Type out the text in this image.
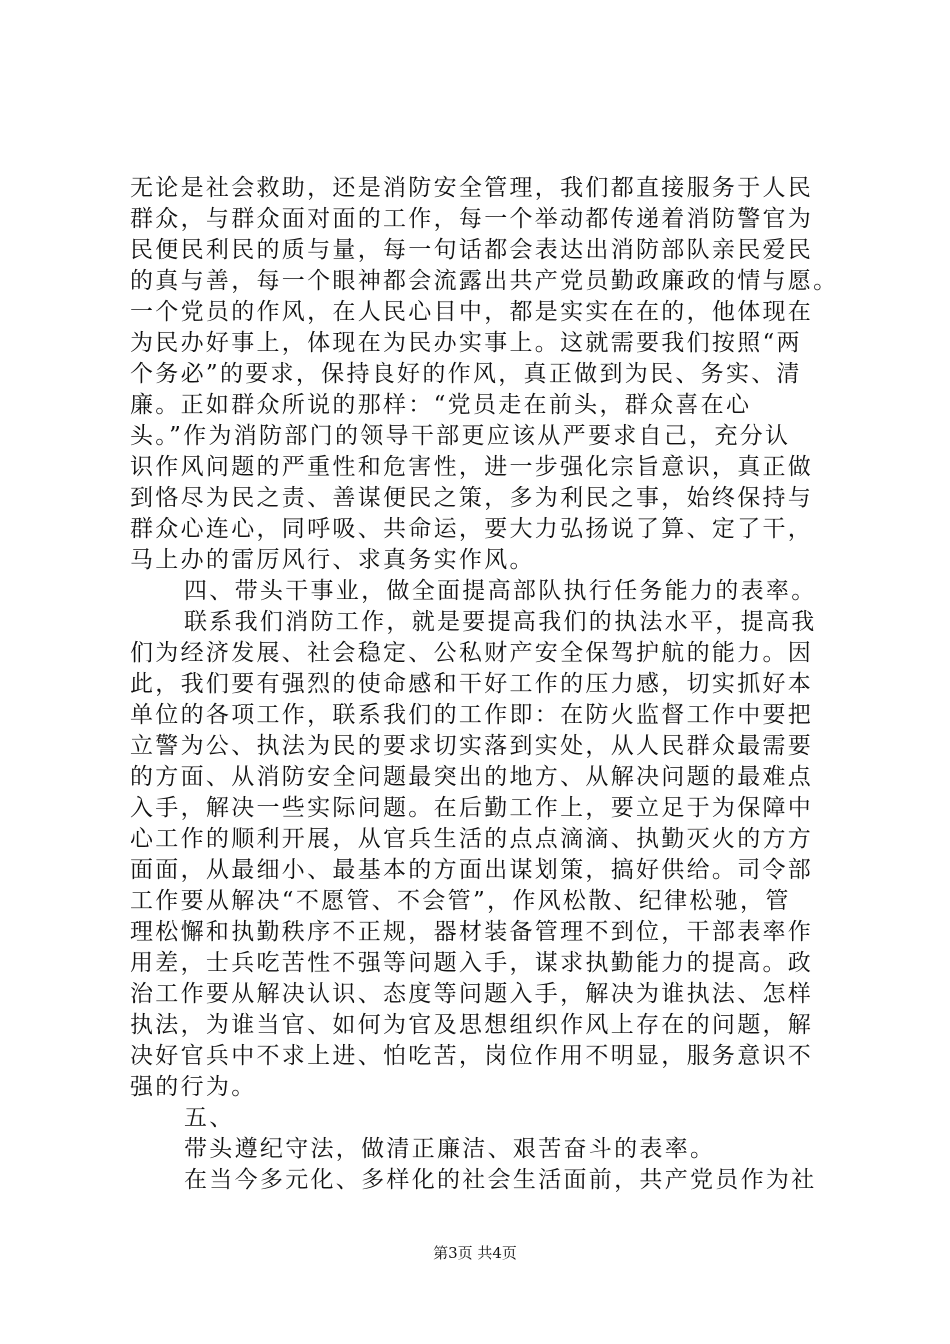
无论是社会救助，还是消防安全管理，我们都直接服务于人民
群众，与群众面对面的工作，每一个举动都传递着消防警官为
民便民利民的质与量，每一句话都会表达出消防部队亲民爱民
的真与善，每一个眼神都会流露出共产党员勤政廉政的情与愿。
一个党员的作风，在人民心目中，都是实实在在的，他体现在
为民办好事上，体现在为民办实事上。这就需要我们按照“两
个务必”的要求，保持良好的作风，真正做到为民、务实、清
廉。正如群众所说的那样：“党员走在前头，群众喜在心
头。”作为消防部门的领导干部更应该从严要求自己，充分认
识作风问题的严重性和危害性，进一步强化宗旨意识，真正做
到恪尽为民之责、善谋便民之策，多为利民之事，始终保持与
群众心连心，同呼吸、共命运，要大力弘扬说了算、定了干，
马上办的雷厉风行、求真务实作风。
四、带头干事业，做全面提高部队执行任务能力的表率。
联系我们消防工作，就是要提高我们的执法水平，提高我
们为经济发展、社会稳定、公私财产安全保驾护航的能力。因
此，我们要有强烈的使命感和干好工作的压力感，切实抓好本
单位的各项工作，联系我们的工作即：在防火监督工作中要把
立警为公、执法为民的要求切实落到实处，从人民群众最需要
的方面、从消防安全问题最突出的地方、从解决问题的最难点
入手，解决一些实际问题。在后勤工作上，要立足于为保障中
心工作的顺利开展，从官兵生活的点点滴滴、执勤灭火的方方
面面，从最细小、最基本的方面出谋划策，搞好供给。司令部
工作要从解决“不愿管、不会管”，作风松散、纪律松驰，管
理松懈和执勤秩序不正规，器材装备管理不到位，干部表率作
用差，士兵吃苦性不强等问题入手，谋求执勤能力的提高。政
治工作要从解决认识、态度等问题入手，解决为谁执法、怎样
执法，为谁当官、如何为官及思想组织作风上存在的问题，解
决好官兵中不求上进、怕吃苦，岗位作用不明显，服务意识不
强的行为。
五、
带头遵纪守法，做清正廉洁、艰苦奋斗的表率。
在当今多元化、多样化的社会生活面前，共产党员作为社
第3页 共4页
